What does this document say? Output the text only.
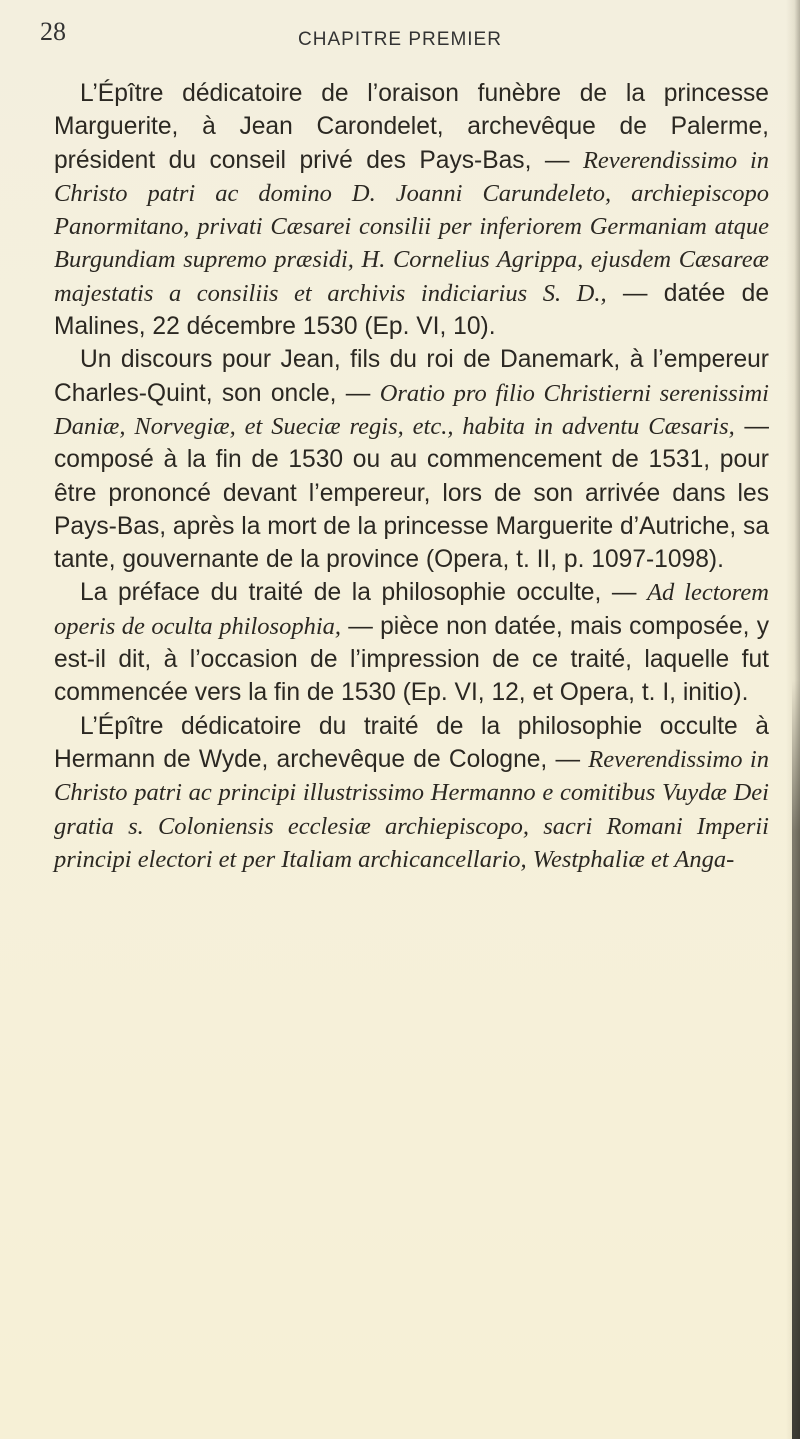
28	CHAPITRE PREMIER

L’Épître dédicatoire de l’oraison funèbre de la princesse Marguerite, à Jean Carondelet, archevêque de Palerme, président du conseil privé des Pays-Bas, — Reverendissimo in Christo patri ac domino D. Joanni Carundeleto, archiepiscopo Panormitano, privati Cæsarei consilii per inferiorem Germaniam atque Burgundiam supremo præsidi, H. Cornelius Agrippa, ejusdem Cæsareæ majestatis a consiliis et archivis indiciarius S. D., — datée de Malines, 22 décembre 1530 (Ep. VI, 10).

Un discours pour Jean, fils du roi de Danemark, à l’empereur Charles-Quint, son oncle, — Oratio pro filio Christierni serenissimi Daniæ, Norvegiæ, et Sueciæ regis, etc., habita in adventu Cæsaris, — composé à la fin de 1530 ou au commencement de 1531, pour être prononcé devant l’empereur, lors de son arrivée dans les Pays-Bas, après la mort de la princesse Marguerite d’Autriche, sa tante, gouvernante de la province (Opera, t. II, p. 1097-1098).

La préface du traité de la philosophie occulte, — Ad lectorem operis de oculta philosophia, — pièce non datée, mais composée, y est-il dit, à l’occasion de l’impression de ce traité, laquelle fut commencée vers la fin de 1530 (Ep. VI, 12, et Opera, t. I, initio).

L’Épître dédicatoire du traité de la philosophie occulte à Hermann de Wyde, archevêque de Cologne, — Reverendissimo in Christo patri ac principi illustrissimo Hermanno e comitibus Vuydæ Dei gratia s. Coloniensis ecclesiæ archiepiscopo, sacri Romani Imperii principi electori et per Italiam archicancellario, Westphaliæ et Anga-
